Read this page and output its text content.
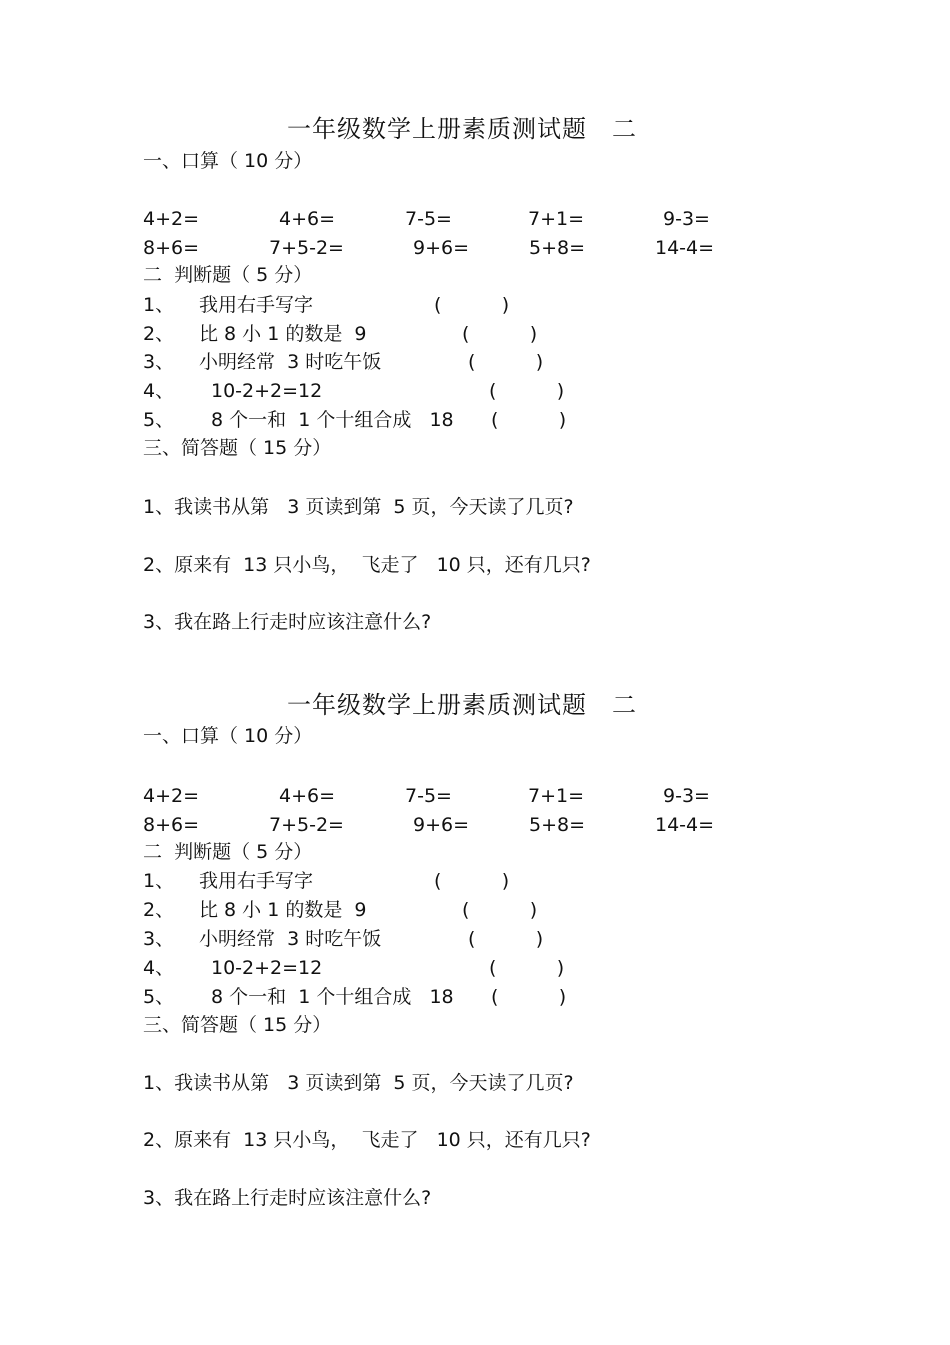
一年级数学上册素质测试题　二
一、口算（ 10 分）
4+2=	4+6=	7-5=	7+1=	9-3=
8+6=	7+5-2=	9+6=	5+8=	14-4=
二  判断题（ 5 分）
1、 我用右手写字	(          )
2、 比 8 小 1 的数是  9	(          )
3、 小明经常  3 时吃午饭	(          )
4、 10-2+2=12	(          )
5、 8 个一和  1 个十组合成   18 (          )
三、简答题（ 15 分）
1、我读书从第   3 页读到第  5 页，今天读了几页?
2、原来有  13 只小鸟，  飞走了   10 只，还有几只?
3、我在路上行走时应该注意什么?
一年级数学上册素质测试题　二
一、口算（ 10 分）
4+2=	4+6=	7-5=	7+1=	9-3=
8+6=	7+5-2=	9+6=	5+8=	14-4=
二  判断题（ 5 分）
1、 我用右手写字	(          )
2、 比 8 小 1 的数是  9	(          )
3、 小明经常  3 时吃午饭	(          )
4、 10-2+2=12	(          )
5、 8 个一和  1 个十组合成   18 (          )
三、简答题（ 15 分）
1、我读书从第   3 页读到第  5 页，今天读了几页?
2、原来有  13 只小鸟，  飞走了   10 只，还有几只?
3、我在路上行走时应该注意什么?
